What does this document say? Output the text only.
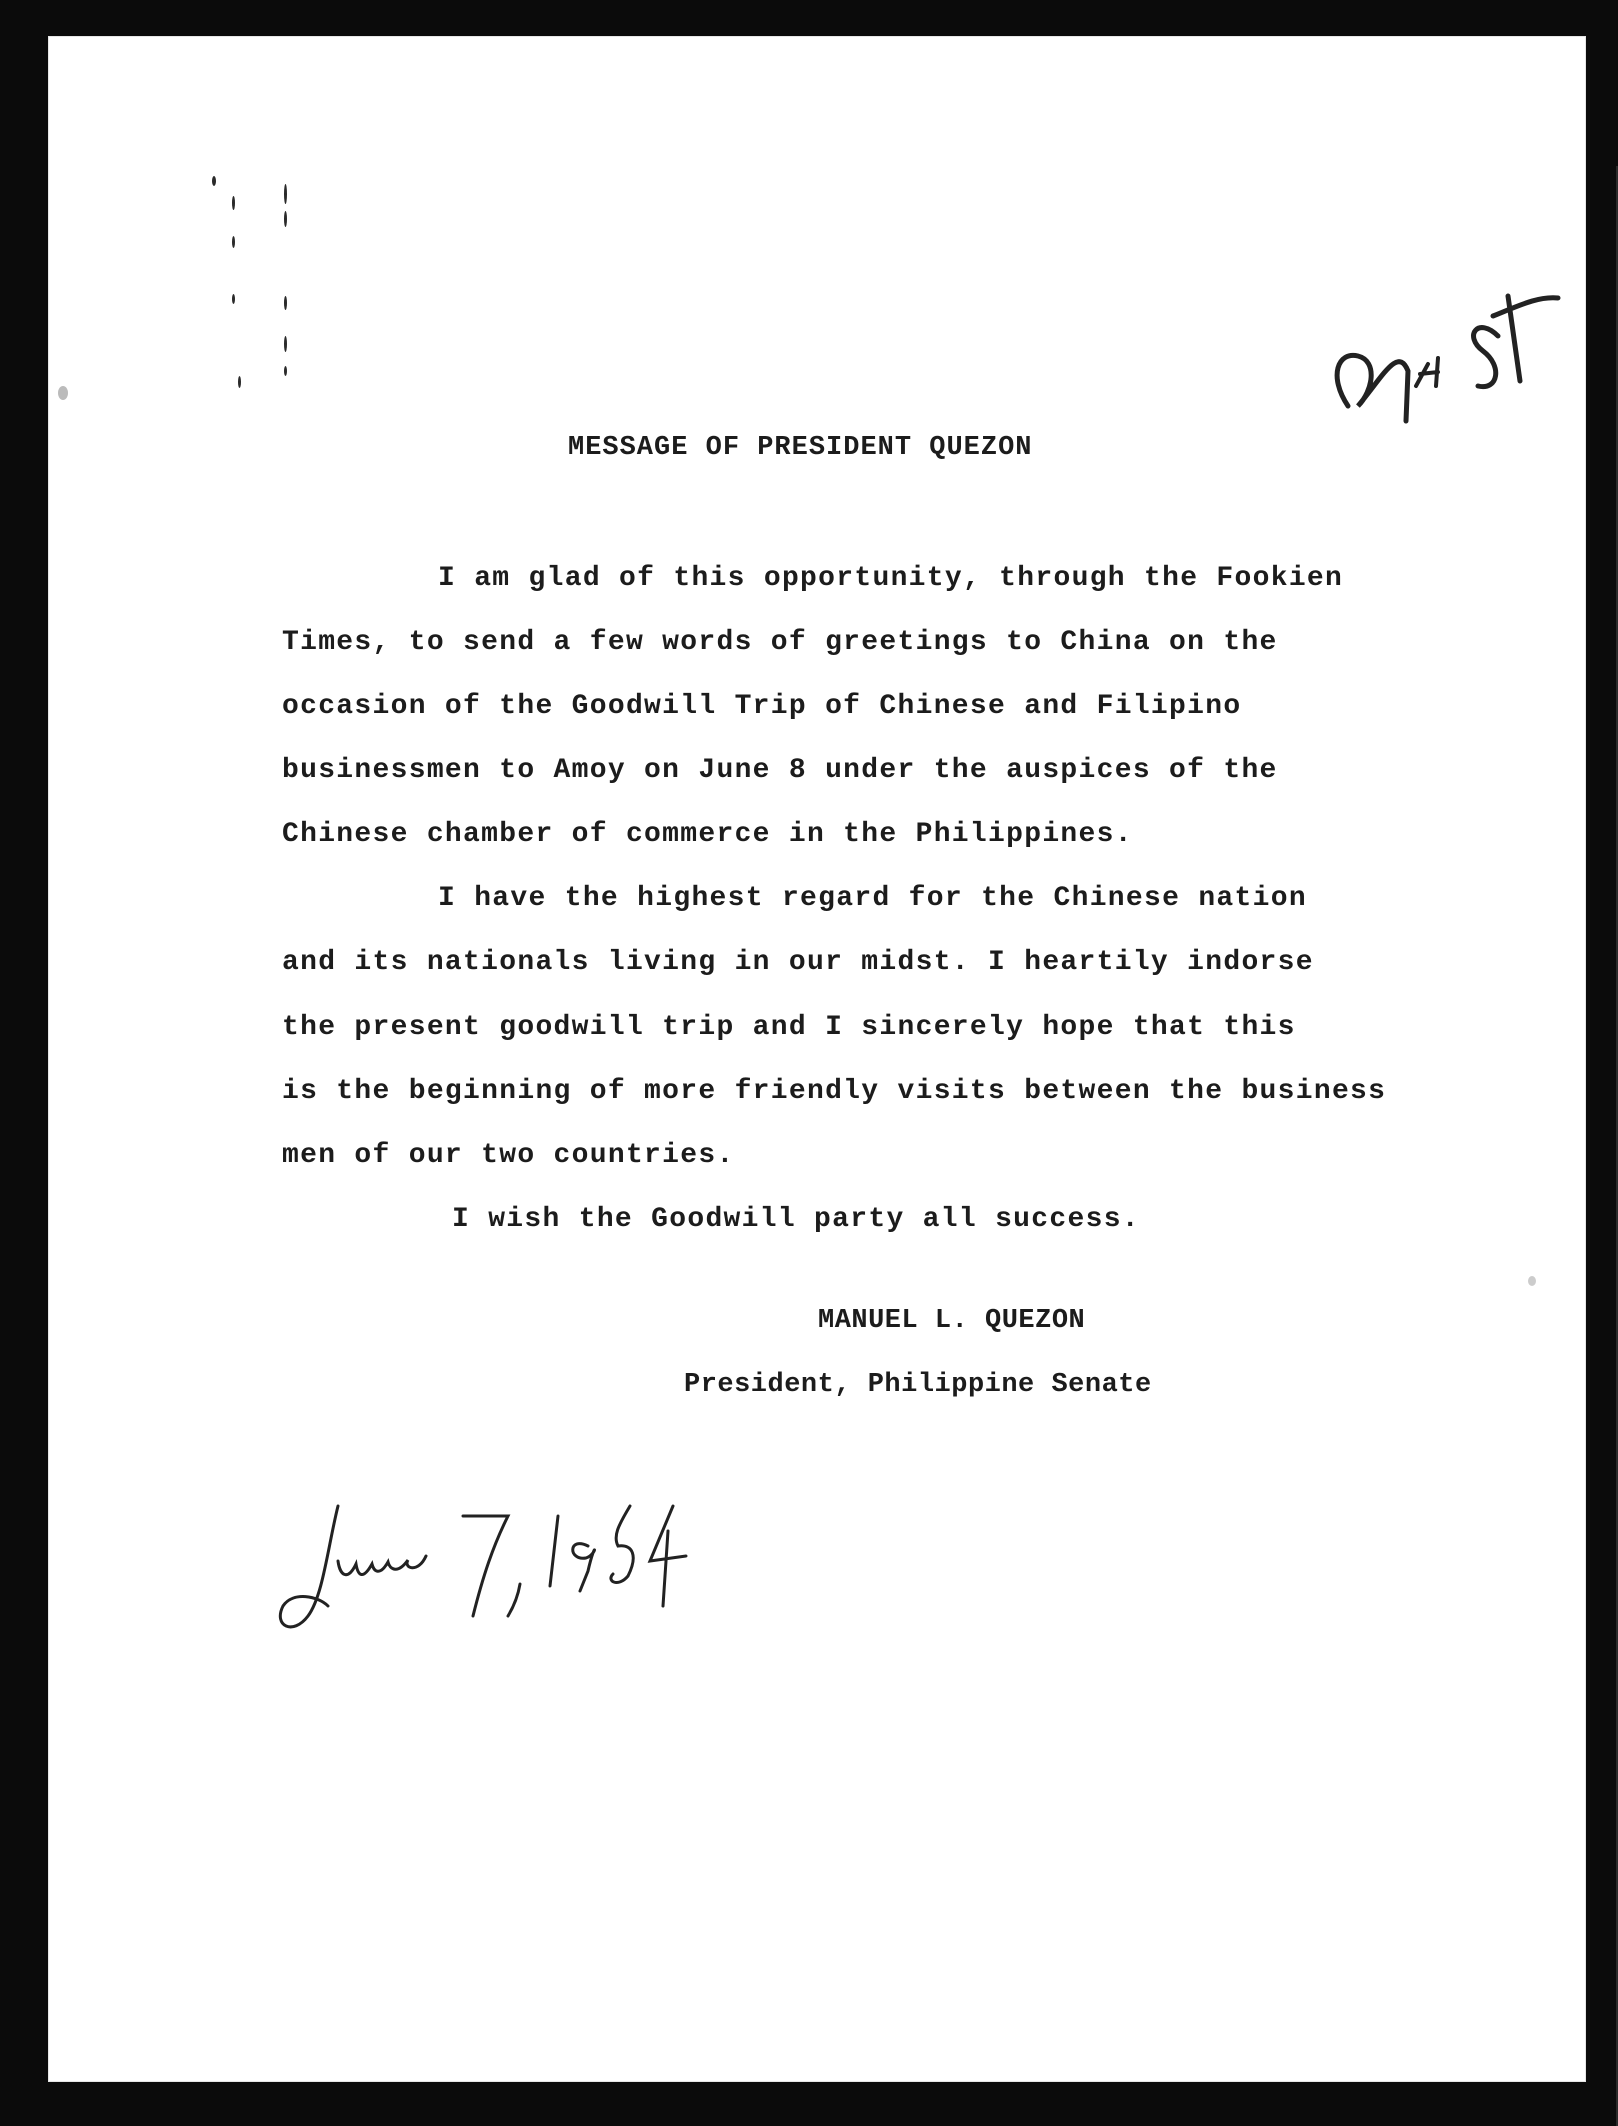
MESSAGE OF PRESIDENT QUEZON
I am glad of this opportunity, through the Fookien
Times, to send a few words of greetings to China on the
occasion of the Goodwill Trip of Chinese and Filipino
businessmen to Amoy on June 8 under the auspices of the
Chinese chamber of commerce in the Philippines.
I have the highest regard for the Chinese nation
and its nationals living in our midst. I heartily indorse
the present goodwill trip and I sincerely hope that this
is the beginning of more friendly visits between the business
men of our two countries.
I wish the Goodwill party all success.
MANUEL L. QUEZON
President, Philippine Senate
